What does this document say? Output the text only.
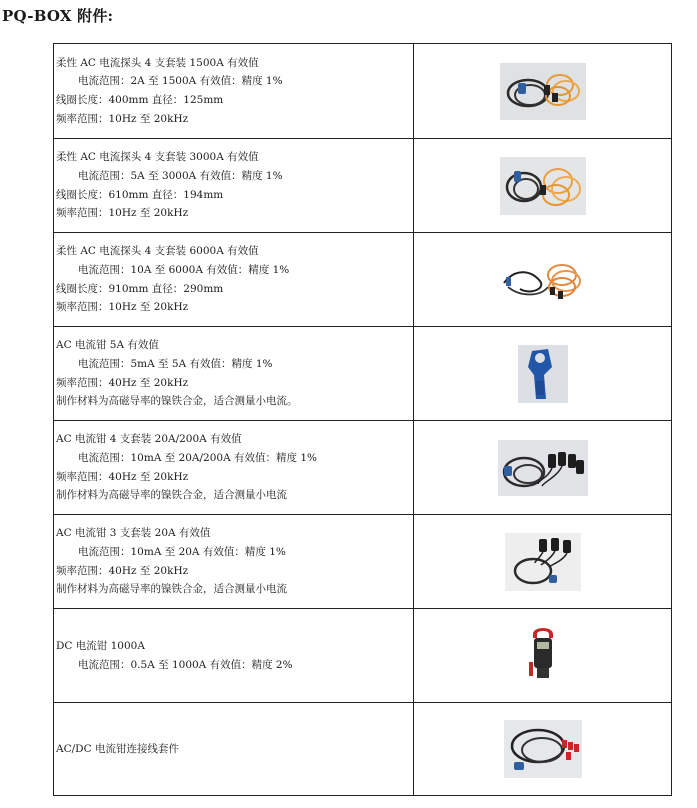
PQ-BOX 附件:
柔性 AC 电流探头 4 支套装 1500A 有效值
电流范围：2A 至 1500A 有效值：精度 1%
线圈长度：400mm 直径：125mm
频率范围：10Hz 至 20kHz

柔性 AC 电流探头 4 支套装 3000A 有效值
电流范围：5A 至 3000A 有效值：精度 1%
线圈长度：610mm 直径：194mm
频率范围：10Hz 至 20kHz

柔性 AC 电流探头 4 支套装 6000A 有效值
电流范围：10A 至 6000A 有效值：精度 1%
线圈长度：910mm 直径：290mm
频率范围：10Hz 至 20kHz

AC 电流钳 5A 有效值
电流范围：5mA 至 5A 有效值：精度 1%
频率范围：40Hz 至 20kHz
制作材料为高磁导率的镍铁合金，适合测量小电流。

AC 电流钳 4 支套装 20A/200A 有效值
电流范围：10mA 至 20A/200A 有效值：精度 1%
频率范围：40Hz 至 20kHz
制作材料为高磁导率的镍铁合金，适合测量小电流

AC 电流钳 3 支套装 20A 有效值
电流范围：10mA 至 20A 有效值：精度 1%
频率范围：40Hz 至 20kHz
制作材料为高磁导率的镍铁合金，适合测量小电流

DC 电流钳 1000A
电流范围：0.5A 至 1000A 有效值：精度 2%

AC/DC 电流钳连接线套件
